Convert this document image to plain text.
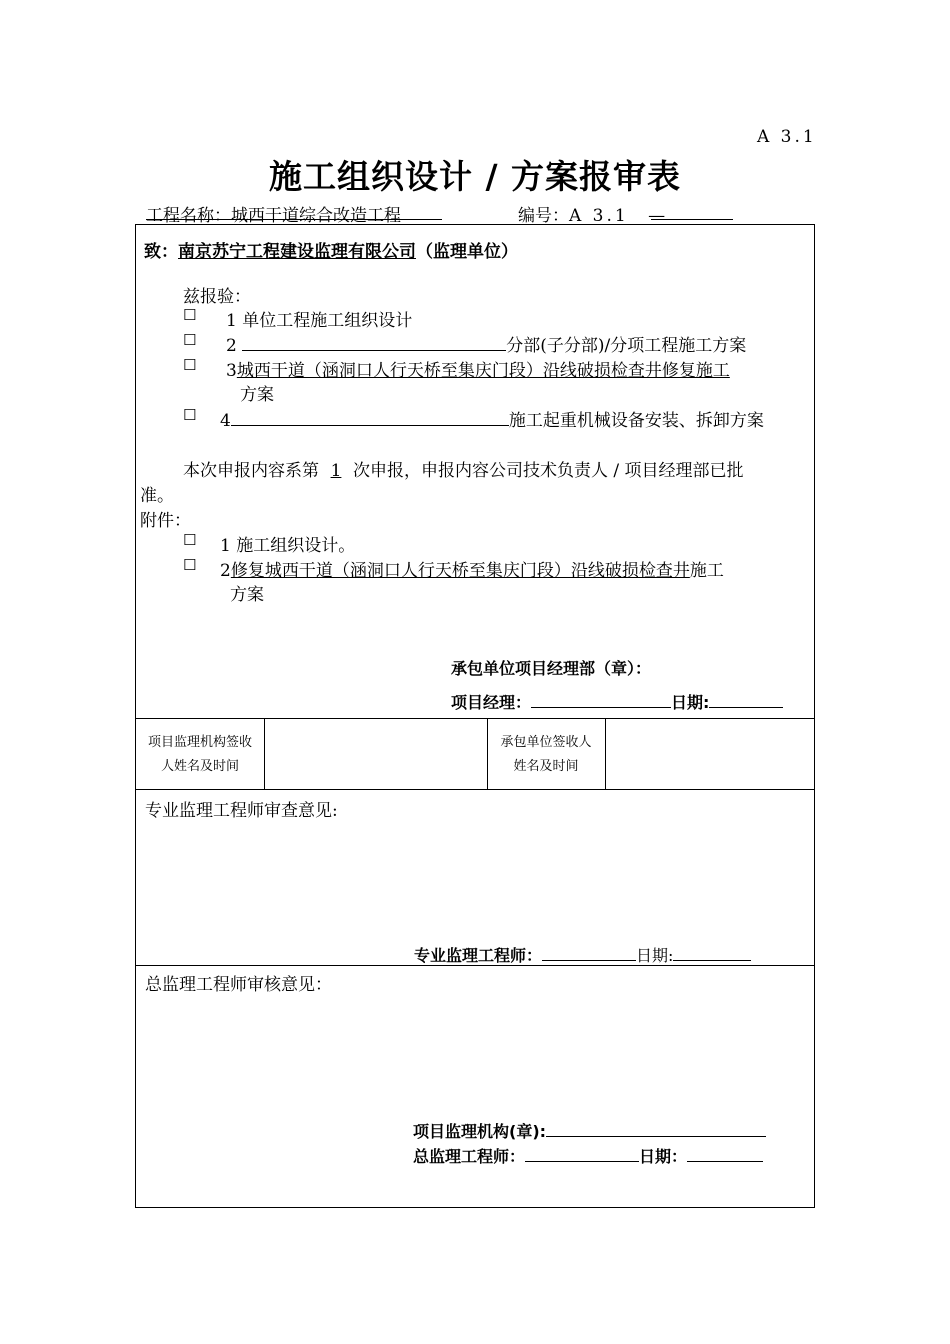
A 3.1
施工组织设计 / 方案报审表
工程名称：城西干道综合改造工程	编号：A 3.1 —
致：南京苏宁工程建设监理有限公司（监理单位）
兹报验：
☐ 1 单位工程施工组织设计
☐ 2	分部(子分部)/分项工程施工方案
☐ 3城西干道（涵洞口人行天桥至集庆门段）沿线破损检查井修复施工
方案
☐ 4	施工起重机械设备安装、拆卸方案
本次申报内容系第 1 次申报，申报内容公司技术负责人 / 项目经理部已批
准。
附件：
☐ 1 施工组织设计。
☐ 2修复城西干道（涵洞口人行天桥至集庆门段）沿线破损检查井施工
方案
承包单位项目经理部（章）：
项目经理：	日期:
项目监理机构签收人姓名及时间
承包单位签收人姓名及时间
专业监理工程师审查意见:
专业监理工程师：	日期:
总监理工程师审核意见：
项目监理机构(章):
总监理工程师：	日期：
